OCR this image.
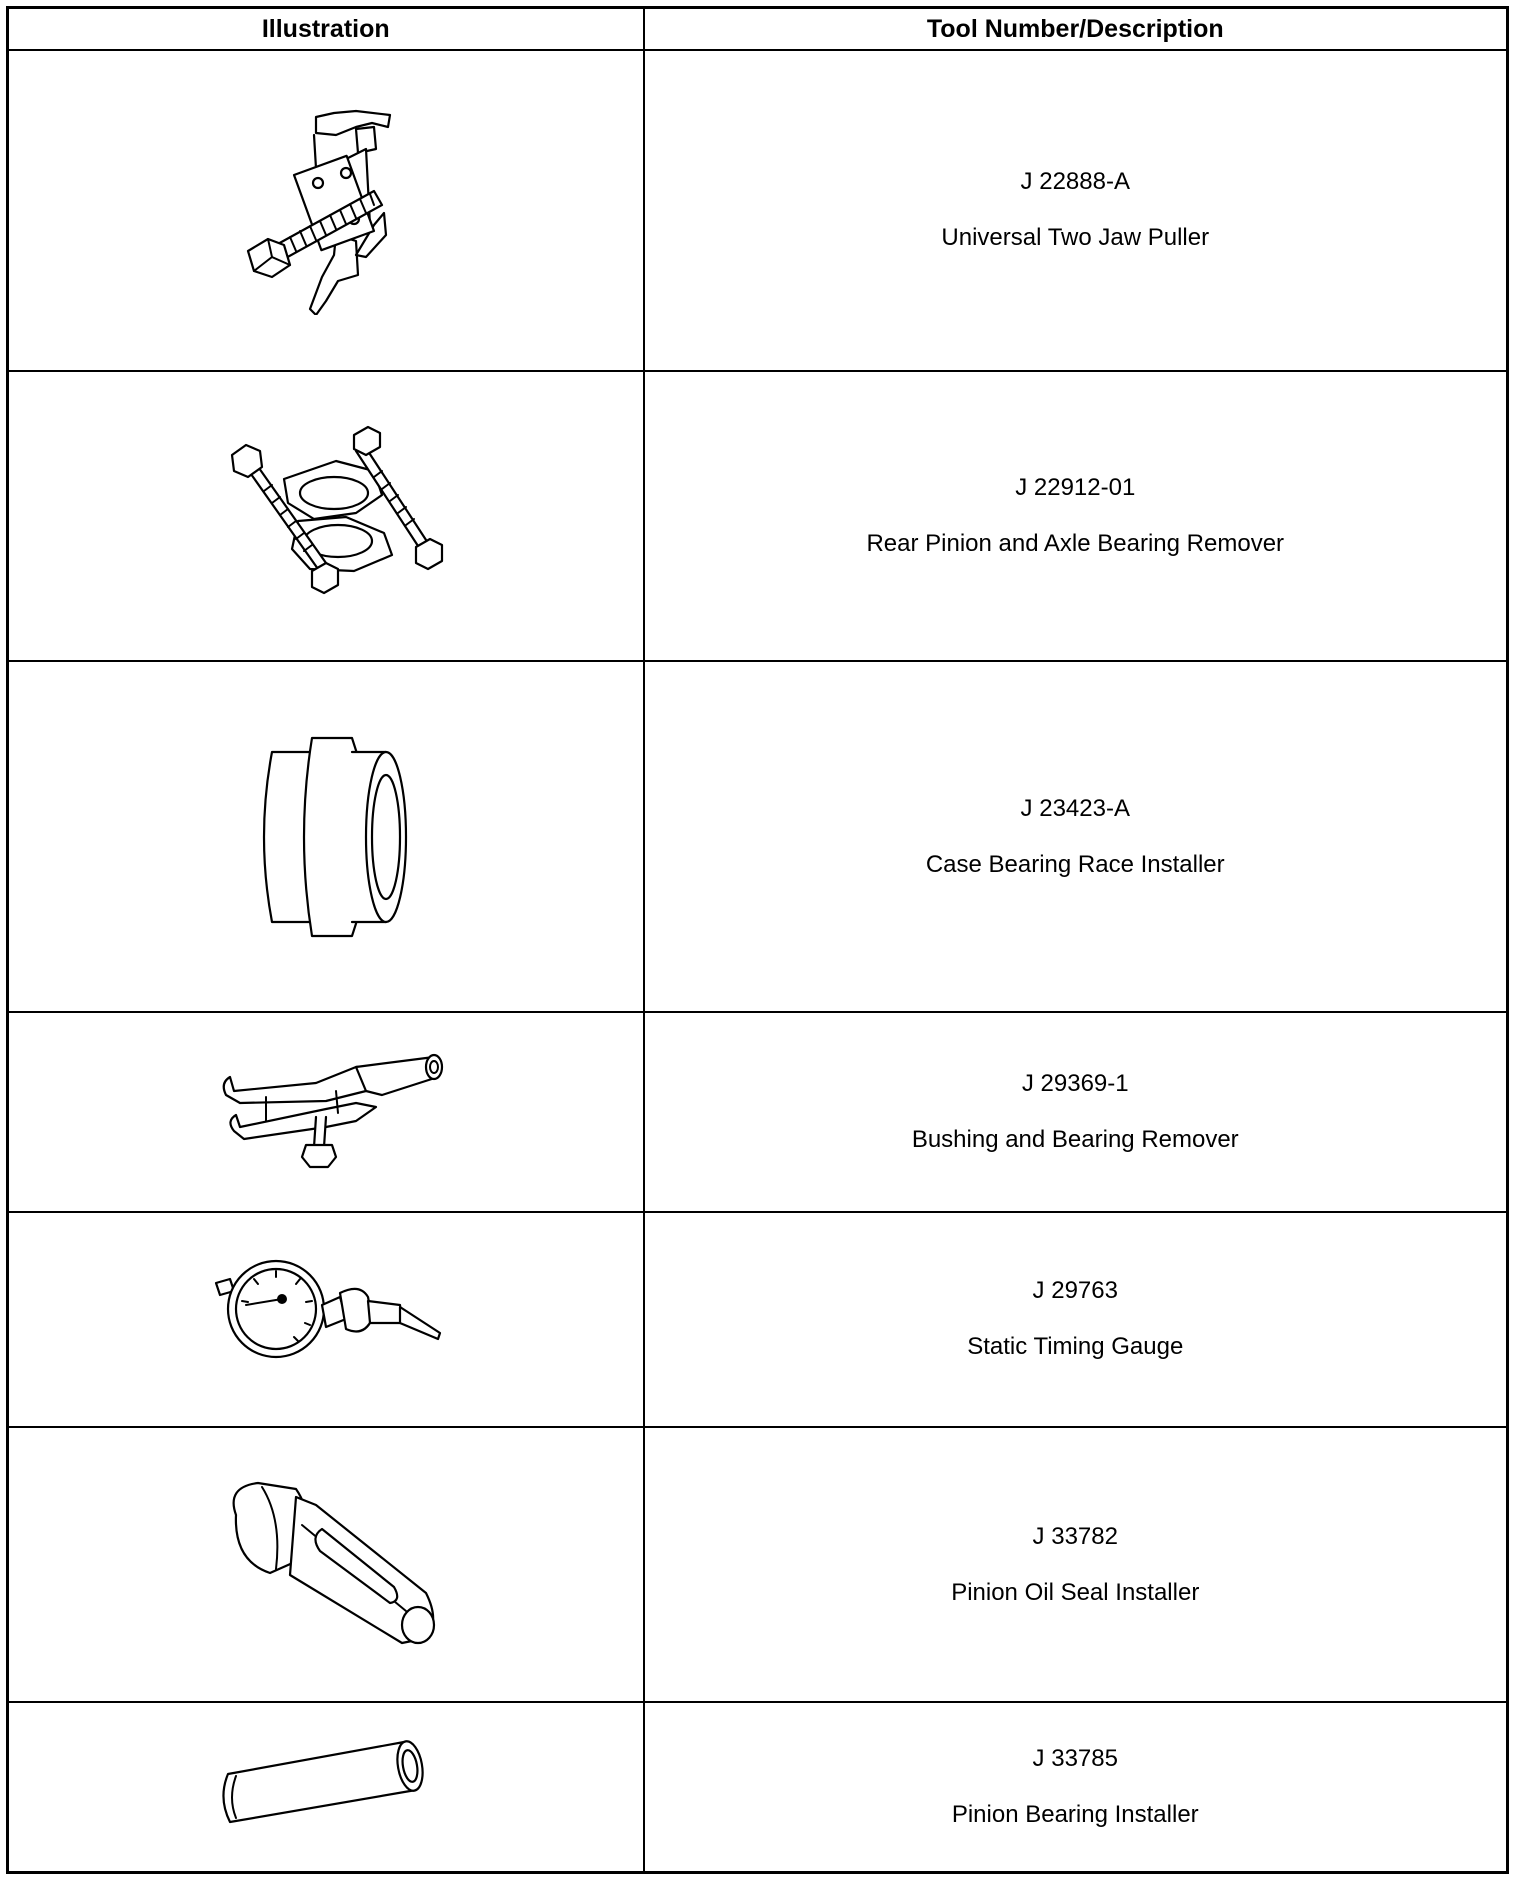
Illustration	Tool Number/Description

J 22888-A
Universal Two Jaw Puller

J 22912-01
Rear Pinion and Axle Bearing Remover

J 23423-A
Case Bearing Race Installer

J 29369-1
Bushing and Bearing Remover

J 29763
Static Timing Gauge

J 33782
Pinion Oil Seal Installer

J 33785
Pinion Bearing Installer
